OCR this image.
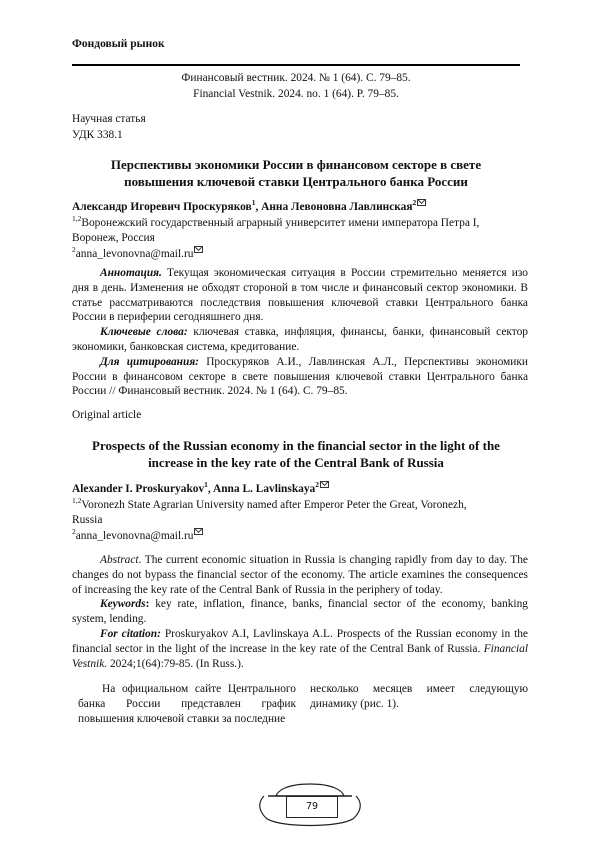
Фондовый рынок
Финансовый вестник. 2024. № 1 (64). С. 79–85.
Financial Vestnik. 2024. no. 1 (64). P. 79–85.
Научная статья
УДК 338.1
Перспективы экономики России в финансовом секторе в свете
повышения ключевой ставки Центрального банка России
Александр Игоревич Проскуряков$^1$, Анна Левоновна Лавлинская$^2$
$^{1,2}$Воронежский государственный аграрный университет имени императора Петра I,
Воронеж, Россия
$^2$anna_levonovna@mail.ru

Аннотация. Текущая экономическая ситуация в России стремительно меняется изо дня в день. Изменения не обходят стороной в том числе и финансовый сектор экономики. В статье рассматриваются последствия повышения ключевой ставки Центрального банка России в периферии сегодняшнего дня.

Ключевые слова: ключевая ставка, инфляция, финансы, банки, финансовый сектор экономики, банковская система, кредитование.

Для цитирования: Проскуряков А.И., Лавлинская А.Л., Перспективы экономики России в финансовом секторе в свете повышения ключевой ставки Центрального банка России // Финансовый вестник. 2024. № 1 (64). С. 79–85.

Original article
Prospects of the Russian economy in the financial sector in the light of the
increase in the key rate of the Central Bank of Russia
Alexander I. Proskuryakov$^1$, Anna L. Lavlinskaya$^2$
$^{1,2}$Voronezh State Agrarian University named after Emperor Peter the Great, Voronezh,
Russia
$^2$anna_levonovna@mail.ru

Abstract. The current economic situation in Russia is changing rapidly from day to day. The changes do not bypass the financial sector of the economy. The article examines the consequences of increasing the key rate of the Central Bank of Russia in the periphery of today.

Keywords: key rate, inflation, finance, banks, financial sector of the economy, banking system, lending.

For citation: Proskuryakov A.I, Lavlinskaya A.L. Prospects of the Russian economy in the financial sector in the light of the increase in the key rate of the Central Bank of Russia. Financial Vestnik. 2024;1(64):79-85. (In Russ.).

На официальном сайте Центрального банка России представлен график повышения ключевой ставки за последние

несколько месяцев имеет следующую динамику (рис. 1).

79
